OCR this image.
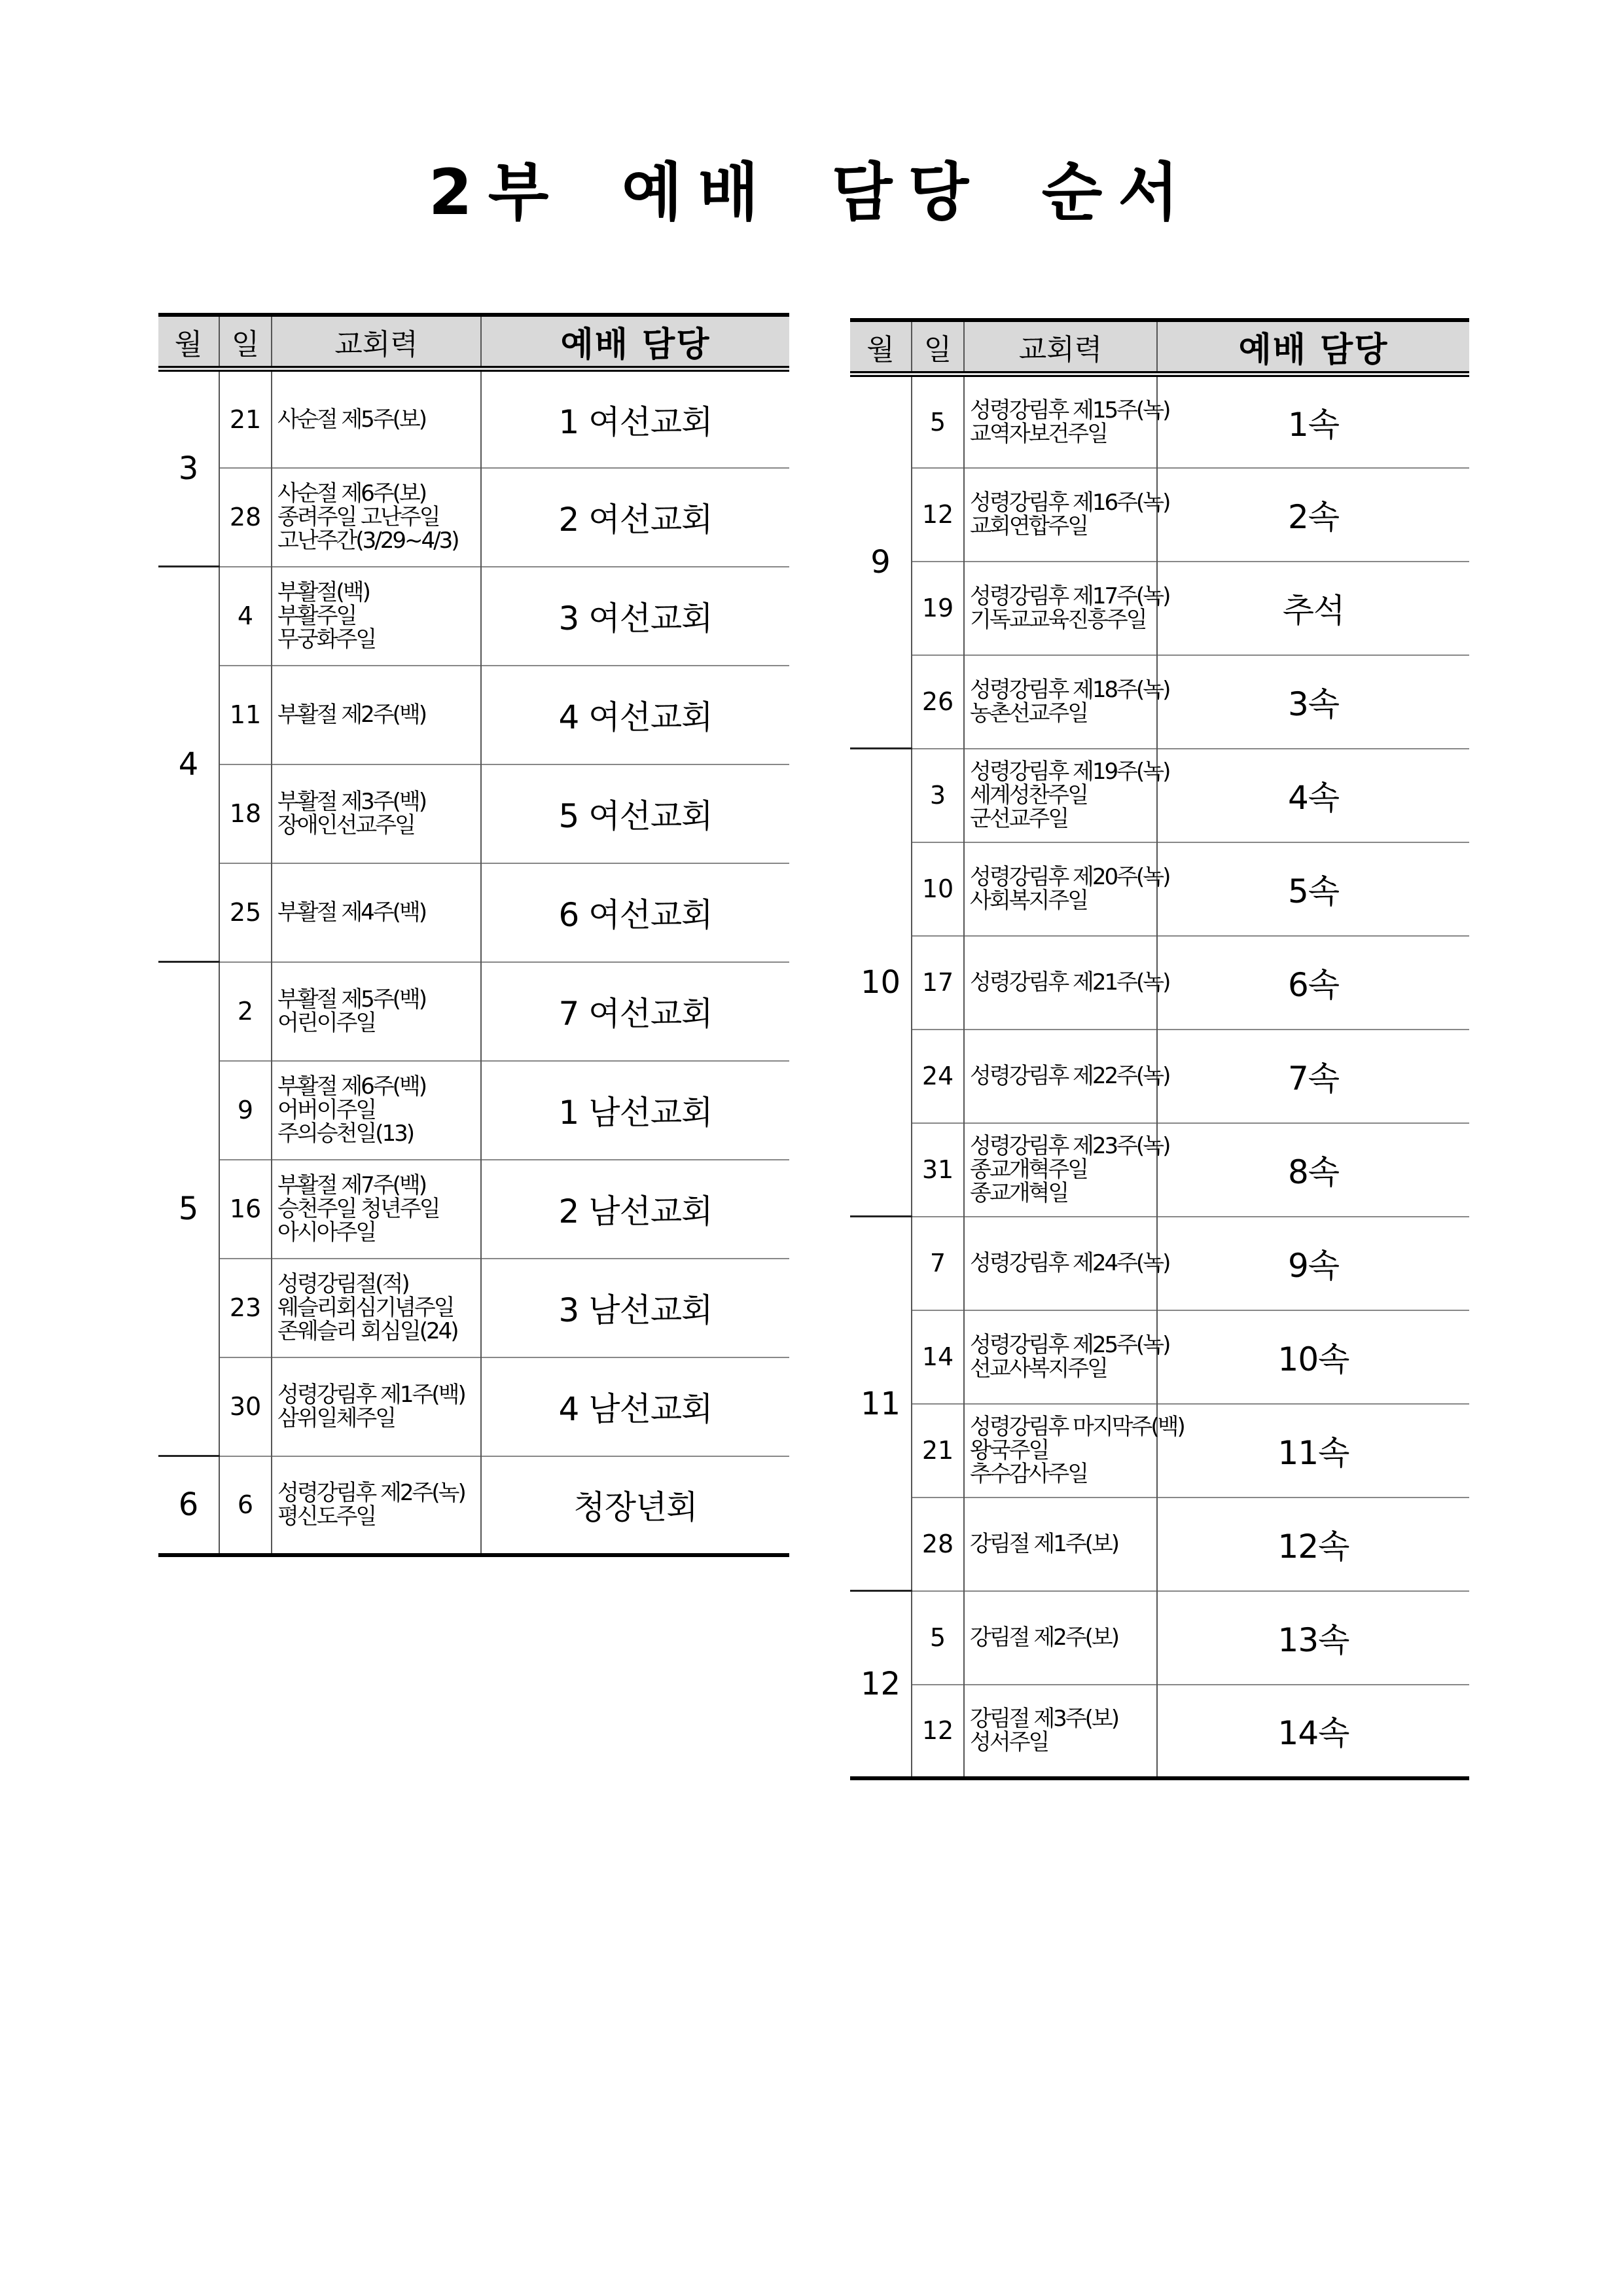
2부 예배 담당 순서
월	일	교회력	예배 담당
3	21	사순절 제5주(보)	1 여선교회
	28	사순절 제6주(보)
종려주일 고난주일
고난주간(3/29~4/3)	2 여선교회
4	4	부활절(백)
부활주일
무궁화주일	3 여선교회
	11	부활절 제2주(백)	4 여선교회
	18	부활절 제3주(백)
장애인선교주일	5 여선교회
	25	부활절 제4주(백)	6 여선교회
5	2	부활절 제5주(백)
어린이주일	7 여선교회
	9	부활절 제6주(백)
어버이주일
주의승천일(13)	1 남선교회
	16	부활절 제7주(백)
승천주일 청년주일
아시아주일	2 남선교회
	23	성령강림절(적)
웨슬리회심기념주일
존웨슬리 회심일(24)	3 남선교회
	30	성령강림후 제1주(백)
삼위일체주일	4 남선교회
6	6	성령강림후 제2주(녹)
평신도주일	청장년회
월	일	교회력	예배 담당
9	5	성령강림후 제15주(녹)
교역자보건주일	1속
	12	성령강림후 제16주(녹)
교회연합주일	2속
	19	성령강림후 제17주(녹)
기독교교육진흥주일	추석
	26	성령강림후 제18주(녹)
농촌선교주일	3속
10	3	성령강림후 제19주(녹)
세계성찬주일
군선교주일	4속
	10	성령강림후 제20주(녹)
사회복지주일	5속
	17	성령강림후 제21주(녹)	6속
	24	성령강림후 제22주(녹)	7속
	31	성령강림후 제23주(녹)
종교개혁주일
종교개혁일	8속
11	7	성령강림후 제24주(녹)	9속
	14	성령강림후 제25주(녹)
선교사복지주일	10속
	21	성령강림후 마지막주(백)
왕국주일
추수감사주일	11속
	28	강림절 제1주(보)	12속
12	5	강림절 제2주(보)	13속
	12	강림절 제3주(보)
성서주일	14속
